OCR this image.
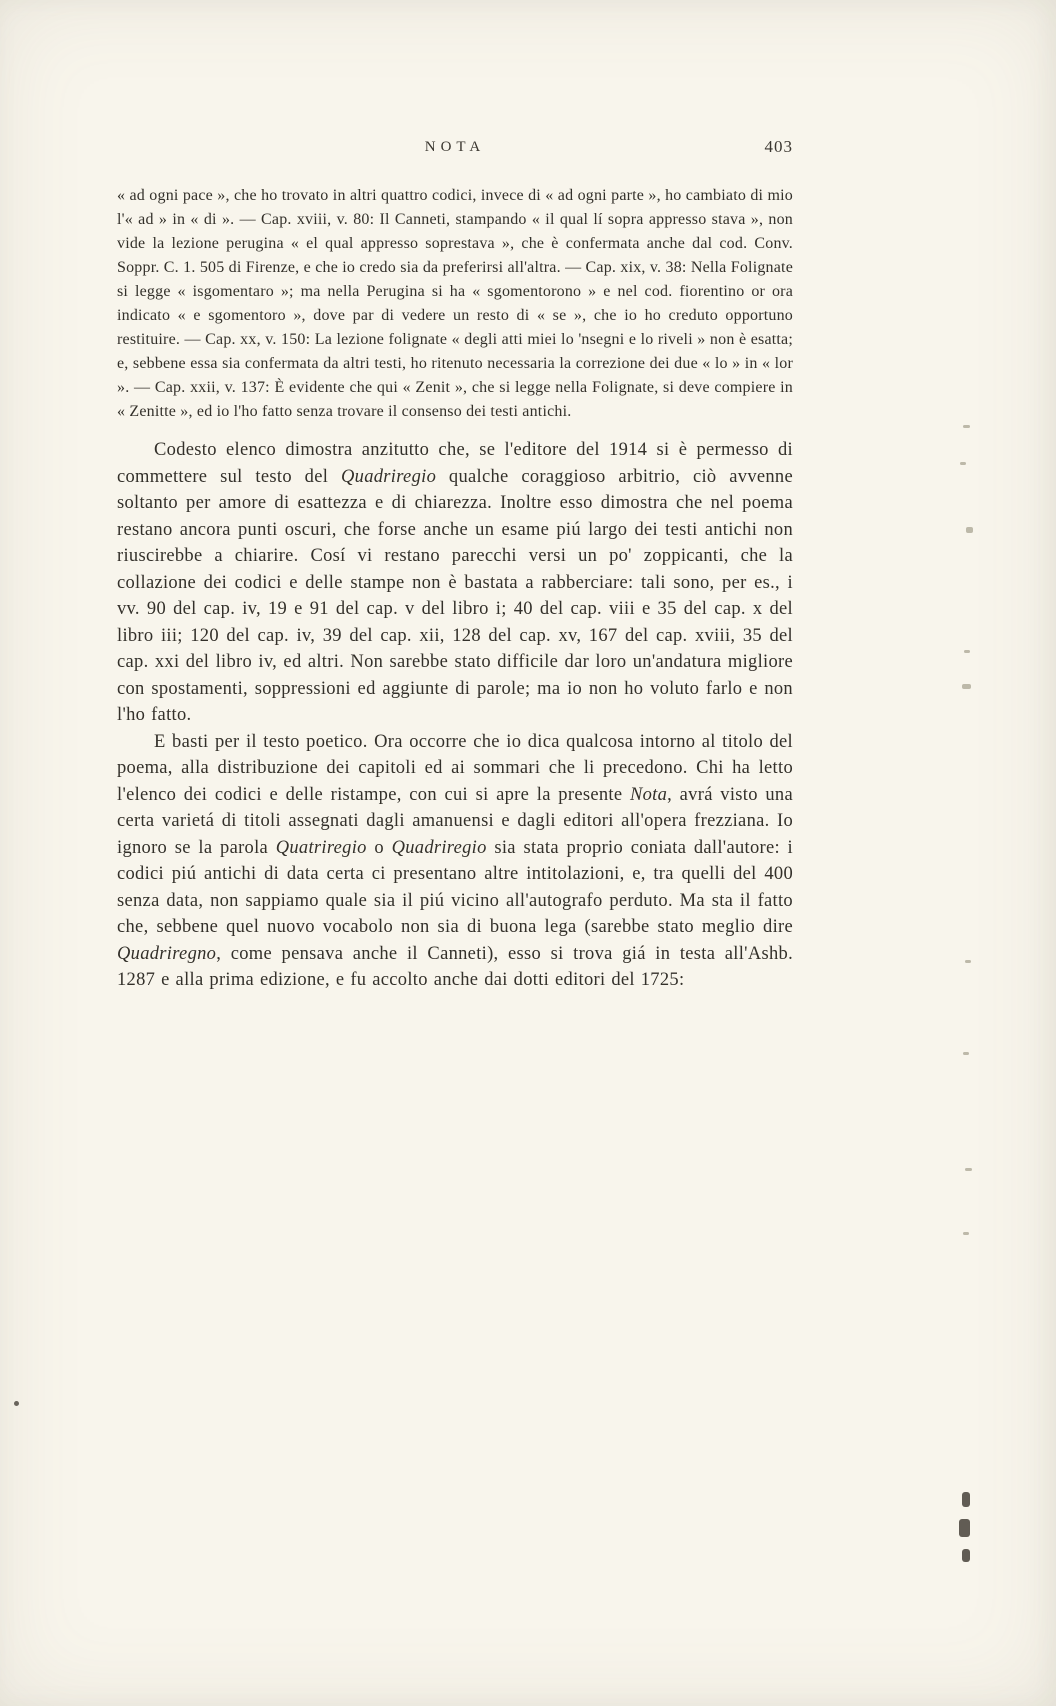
NOTA	403

« ad ogni pace », che ho trovato in altri quattro codici, invece di « ad ogni parte », ho cambiato di mio l'« ad » in « di ». — Cap. xviii, v. 80: Il Canneti, stampando « il qual lí sopra appresso stava », non vide la lezione perugina « el qual appresso soprestava », che è confermata anche dal cod. Conv. Soppr. C. 1. 505 di Firenze, e che io credo sia da preferirsi all'altra. — Cap. xix, v. 38: Nella Folignate si legge « isgomentaro »; ma nella Perugina si ha « sgomentorono » e nel cod. fiorentino or ora indicato « e sgomentoro », dove par di vedere un resto di « se », che io ho creduto opportuno restituire. — Cap. xx, v. 150: La lezione folignate « degli atti miei lo 'nsegni e lo riveli » non è esatta; e, sebbene essa sia confermata da altri testi, ho ritenuto necessaria la correzione dei due « lo » in « lor ». — Cap. xxii, v. 137: È evidente che qui « Zenit », che si legge nella Folignate, si deve compiere in « Zenitte », ed io l'ho fatto senza trovare il consenso dei testi antichi.

Codesto elenco dimostra anzitutto che, se l'editore del 1914 si è permesso di commettere sul testo del Quadriregio qualche coraggioso arbitrio, ciò avvenne soltanto per amore di esattezza e di chiarezza. Inoltre esso dimostra che nel poema restano ancora punti oscuri, che forse anche un esame piú largo dei testi antichi non riuscirebbe a chiarire. Cosí vi restano parecchi versi un po' zoppicanti, che la collazione dei codici e delle stampe non è bastata a rabberciare: tali sono, per es., i vv. 90 del cap. iv, 19 e 91 del cap. v del libro i; 40 del cap. viii e 35 del cap. x del libro iii; 120 del cap. iv, 39 del cap. xii, 128 del cap. xv, 167 del cap. xviii, 35 del cap. xxi del libro iv, ed altri. Non sarebbe stato difficile dar loro un'andatura migliore con spostamenti, soppressioni ed aggiunte di parole; ma io non ho voluto farlo e non l'ho fatto.

E basti per il testo poetico. Ora occorre che io dica qualcosa intorno al titolo del poema, alla distribuzione dei capitoli ed ai sommari che li precedono. Chi ha letto l'elenco dei codici e delle ristampe, con cui si apre la presente Nota, avrá visto una certa varietá di titoli assegnati dagli amanuensi e dagli editori all'opera frezziana. Io ignoro se la parola Quatriregio o Quadriregio sia stata proprio coniata dall'autore: i codici piú antichi di data certa ci presentano altre intitolazioni, e, tra quelli del 400 senza data, non sappiamo quale sia il piú vicino all'autografo perduto. Ma sta il fatto che, sebbene quel nuovo vocabolo non sia di buona lega (sarebbe stato meglio dire Quadriregno, come pensava anche il Canneti), esso si trova giá in testa all'Ashb. 1287 e alla prima edizione, e fu accolto anche dai dotti editori del 1725:
